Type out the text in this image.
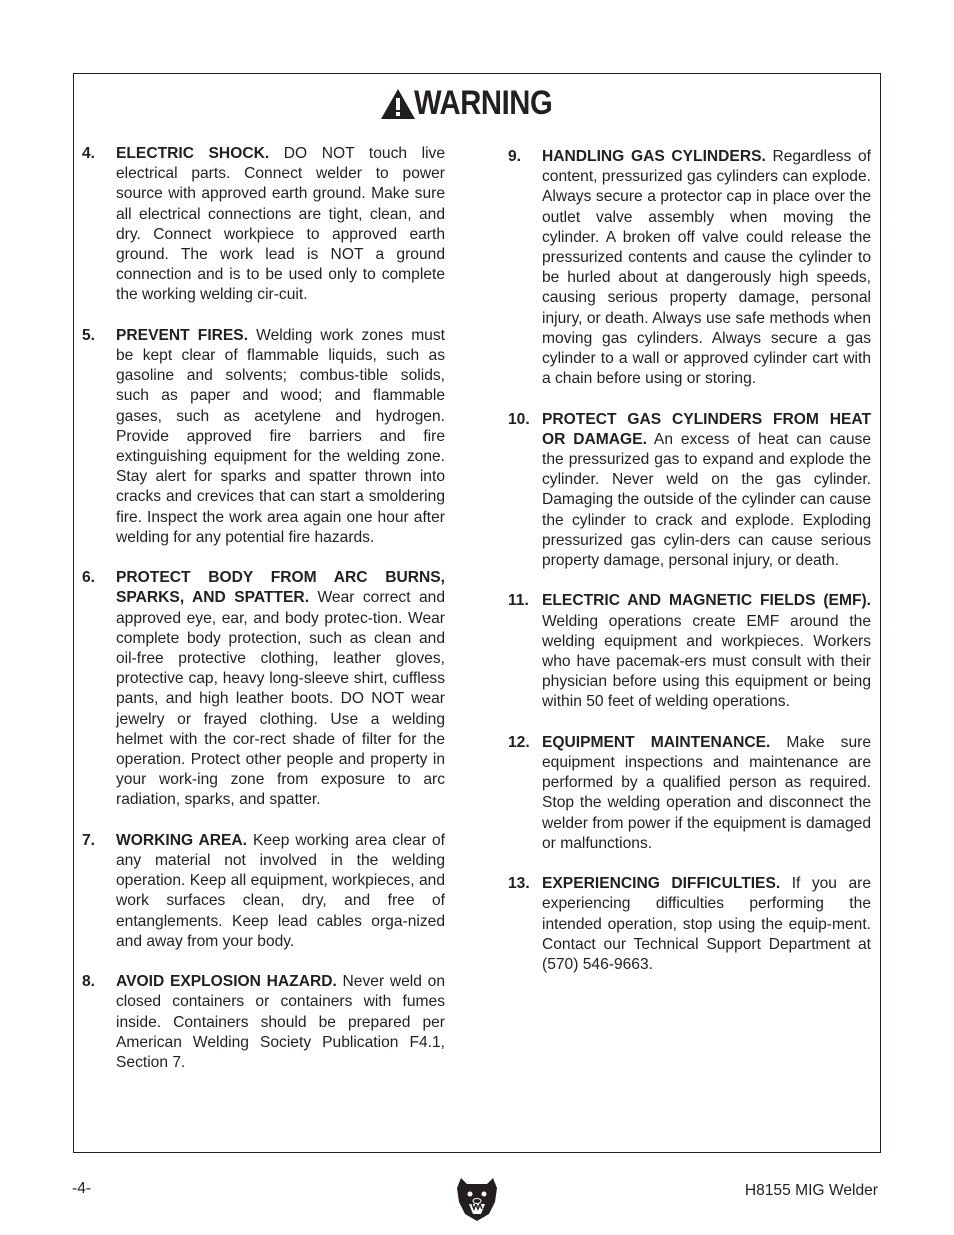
WARNING
4. ELECTRIC SHOCK. DO NOT touch live electrical parts. Connect welder to power source with approved earth ground. Make sure all electrical connections are tight, clean, and dry. Connect workpiece to approved earth ground. The work lead is NOT a ground connection and is to be used only to complete the working welding cir-cuit.
5. PREVENT FIRES. Welding work zones must be kept clear of flammable liquids, such as gasoline and solvents; combus-tible solids, such as paper and wood; and flammable gases, such as acetylene and hydrogen. Provide approved fire barriers and fire extinguishing equipment for the welding zone. Stay alert for sparks and spatter thrown into cracks and crevices that can start a smoldering fire. Inspect the work area again one hour after welding for any potential fire hazards.
6. PROTECT BODY FROM ARC BURNS, SPARKS, AND SPATTER. Wear correct and approved eye, ear, and body protec-tion. Wear complete body protection, such as clean and oil-free protective clothing, leather gloves, protective cap, heavy long-sleeve shirt, cuffless pants, and high leather boots. DO NOT wear jewelry or frayed clothing. Use a welding helmet with the cor-rect shade of filter for the operation. Protect other people and property in your work-ing zone from exposure to arc radiation, sparks, and spatter.
7. WORKING AREA. Keep working area clear of any material not involved in the welding operation. Keep all equipment, workpieces, and work surfaces clean, dry, and free of entanglements. Keep lead cables orga-nized and away from your body.
8. AVOID EXPLOSION HAZARD. Never weld on closed containers or containers with fumes inside. Containers should be prepared per American Welding Society Publication F4.1, Section 7.
9. HANDLING GAS CYLINDERS. Regardless of content, pressurized gas cylinders can explode. Always secure a protector cap in place over the outlet valve assembly when moving the cylinder. A broken off valve could release the pressurized contents and cause the cylinder to be hurled about at dangerously high speeds, causing serious property damage, personal injury, or death. Always use safe methods when moving gas cylinders. Always secure a gas cylinder to a wall or approved cylinder cart with a chain before using or storing.
10. PROTECT GAS CYLINDERS FROM HEAT OR DAMAGE. An excess of heat can cause the pressurized gas to expand and explode the cylinder. Never weld on the gas cylinder. Damaging the outside of the cylinder can cause the cylinder to crack and explode. Exploding pressurized gas cylin-ders can cause serious property damage, personal injury, or death.
11. ELECTRIC AND MAGNETIC FIELDS (EMF). Welding operations create EMF around the welding equipment and workpieces. Workers who have pacemak-ers must consult with their physician before using this equipment or being within 50 feet of welding operations.
12. EQUIPMENT MAINTENANCE. Make sure equipment inspections and maintenance are performed by a qualified person as required. Stop the welding operation and disconnect the welder from power if the equipment is damaged or malfunctions.
13. EXPERIENCING DIFFICULTIES. If you are experiencing difficulties performing the intended operation, stop using the equip-ment. Contact our Technical Support Department at (570) 546-9663.
-4-	H8155 MIG Welder
